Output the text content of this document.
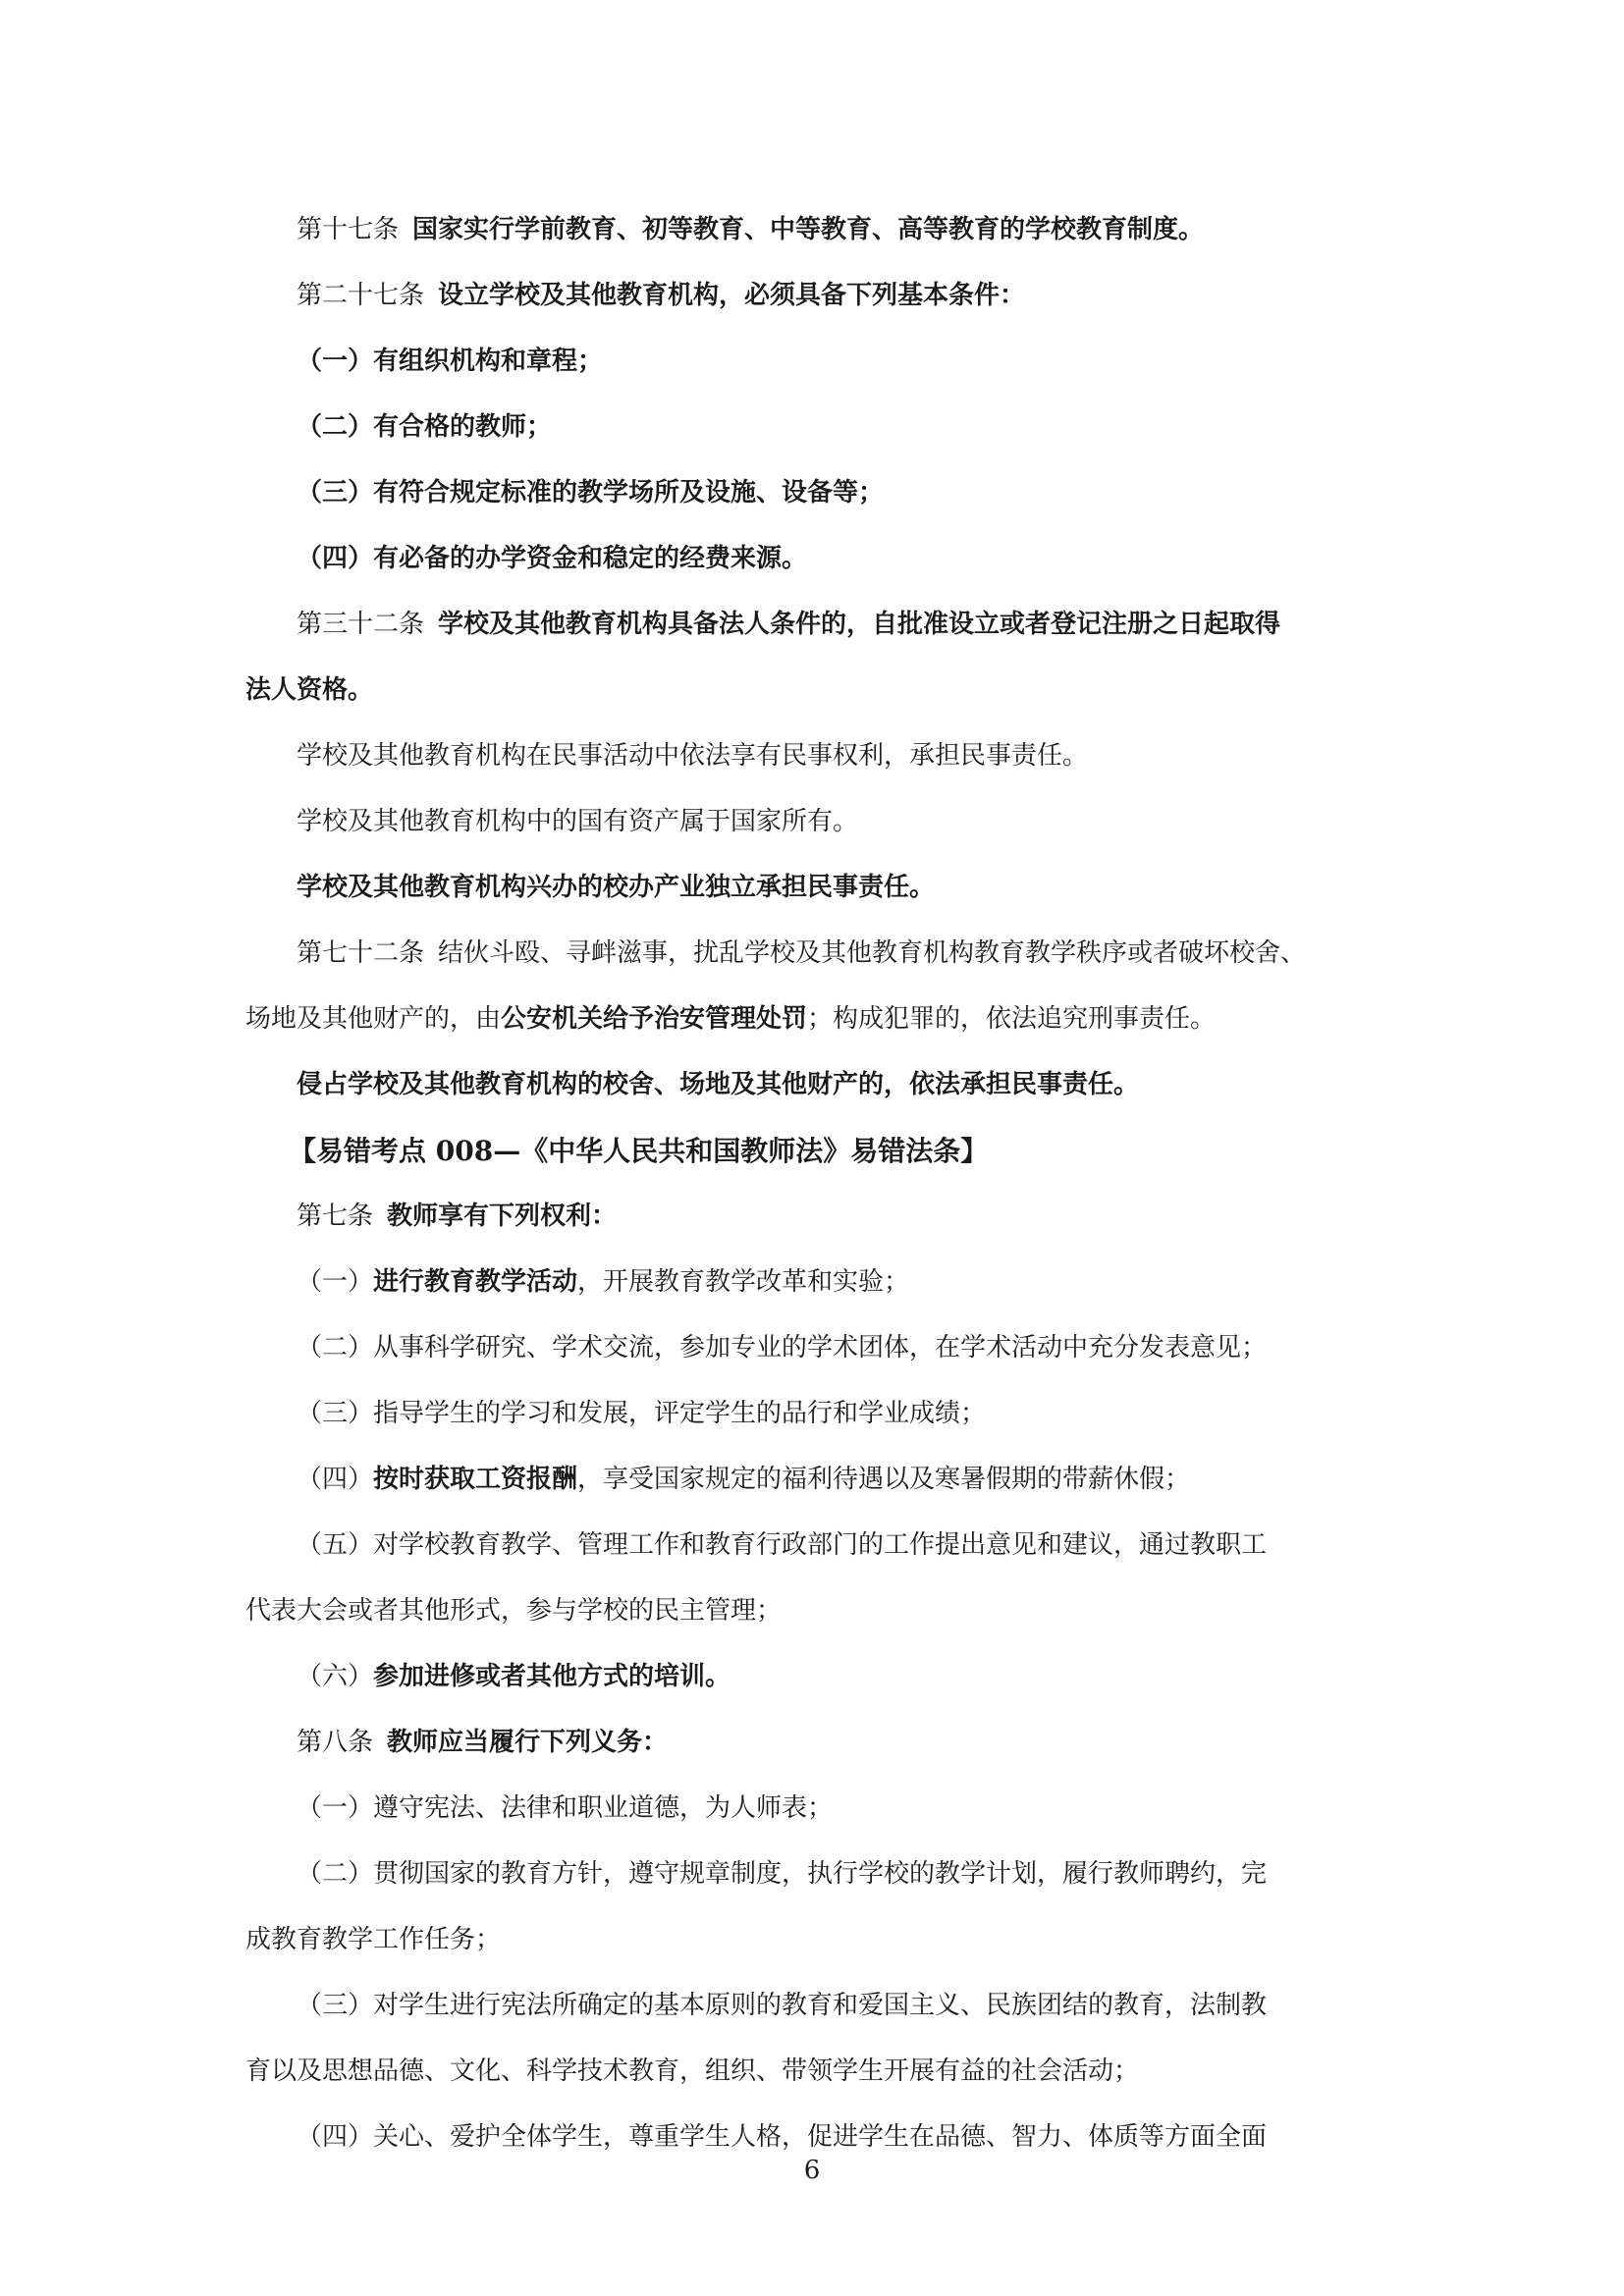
第十七条 国家实行学前教育、初等教育、中等教育、高等教育的学校教育制度。
第二十七条 设立学校及其他教育机构，必须具备下列基本条件：
（一）有组织机构和章程；
（二）有合格的教师；
（三）有符合规定标准的教学场所及设施、设备等；
（四）有必备的办学资金和稳定的经费来源。
第三十二条 学校及其他教育机构具备法人条件的，自批准设立或者登记注册之日起取得
法人资格。
学校及其他教育机构在民事活动中依法享有民事权利，承担民事责任。
学校及其他教育机构中的国有资产属于国家所有。
学校及其他教育机构兴办的校办产业独立承担民事责任。
第七十二条 结伙斗殴、寻衅滋事，扰乱学校及其他教育机构教育教学秩序或者破坏校舍、
场地及其他财产的，由公安机关给予治安管理处罚；构成犯罪的，依法追究刑事责任。
侵占学校及其他教育机构的校舍、场地及其他财产的，依法承担民事责任。
【易错考点 008—《中华人民共和国教师法》易错法条】
第七条 教师享有下列权利：
（一）进行教育教学活动，开展教育教学改革和实验；
（二）从事科学研究、学术交流，参加专业的学术团体，在学术活动中充分发表意见；
（三）指导学生的学习和发展，评定学生的品行和学业成绩；
（四）按时获取工资报酬，享受国家规定的福利待遇以及寒暑假期的带薪休假；
（五）对学校教育教学、管理工作和教育行政部门的工作提出意见和建议，通过教职工
代表大会或者其他形式，参与学校的民主管理；
（六）参加进修或者其他方式的培训。
第八条 教师应当履行下列义务：
（一）遵守宪法、法律和职业道德，为人师表；
（二）贯彻国家的教育方针，遵守规章制度，执行学校的教学计划，履行教师聘约，完
成教育教学工作任务；
（三）对学生进行宪法所确定的基本原则的教育和爱国主义、民族团结的教育，法制教
育以及思想品德、文化、科学技术教育，组织、带领学生开展有益的社会活动；
（四）关心、爱护全体学生，尊重学生人格，促进学生在品德、智力、体质等方面全面
6
